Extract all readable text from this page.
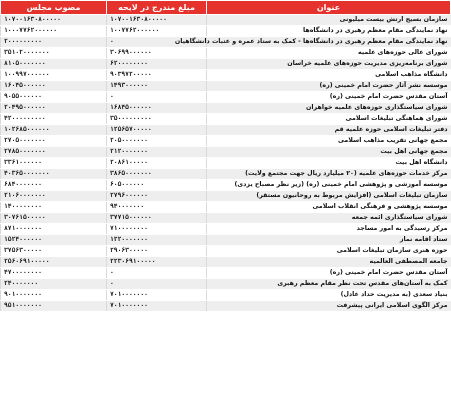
عنوان	مبلغ مندرج در لایحه	مصوب مجلس
سازمان بسیج ارتش بیست میلیونی	۱۰۷۰۰۱۶۳۰۸۰۰۰۰۰	۱۰۷۰۰۱۶۳۰۸۰۰۰۰۰
نهاد نمایندگی مقام معظم رهبری در دانشگاه‌ها	۱۰۰۷۷۶۲۰۰۰۰۰۰	۱۰۰۰۷۷۶۲۰۰۰۰۰۰
نهاد نمایندگی مقام معظم رهبری در دانشگاه‌ها - کمک به ستاد عمره و عتبات دانشگاهیان	۰	۲۰۰۰۰۰۰۰۰۰
شورای عالی حوزه‌های علمیه	۳۰۶۹۹۰۰۰۰۰۰	۳۵۱۰۲۰۰۰۰۰۰۰
شورای برنامه‌ریزی مدیریت حوزه‌های علمیه خراسان	۶۲۰۰۰۰۰۰۰۰	۸۱۰۵۰۰۰۰۰۰۰
دانشگاه مذاهب اسلامی	۹۰۳۹۷۲۰۰۰۰۰	۱۰۰۹۹۷۰۰۰۰۰۰
موسسه نشر آثار حضرت امام خمینی (ره)	۱۴۹۳۰۰۰۰۰۰	۱۶۰۴۵۰۰۰۰۰۰
آستان مقدس حضرت امام خمینی (ره)	۰	۹۰۵۵۰۰۰۰۰۰
شورای سیاستگذاری حوزه‌های علمیه خواهران	۱۶۸۴۵۰۰۰۰۰۰	۲۰۴۹۵۰۰۰۰۰۰
شورای هماهنگی تبلیغات اسلامی	۳۵۰۰۰۰۰۰۰۰۰	۴۲۰۰۰۰۰۰۰۰۰
دفتر تبلیغات اسلامی حوزه علمیه قم	۱۲۵۶۵۷۰۰۰۰۰	۱۰۲۶۸۵۰۰۰۰۰۰
مجمع جهانی تقریب مذاهب اسلامی	۲۰۵۰۰۰۰۰۰۰	۲۷۰۵۰۰۰۰۰۰۰
مجمع جهانی اهل بیت	۲۱۲۰۰۰۰۰۰۰	۲۷۸۵۰۰۰۰۰۰۰
دانشگاه اهل بیت	۲۰۸۶۱۰۰۰۰۰	۳۳۶۱۰۰۰۰۰۰
مرکز خدمات حوزه‌های علمیه (۲۰ میلیارد ریال جهت مجتمع ولایت)	۳۸۶۵۰۰۰۰۰۰۰	۴۰۳۶۵۰۰۰۰۰۰۰
موسسه آموزشی و پژوهشی امام خمینی (ره) (زیر نظر مصباح یزدی)	۶۰۵۰۰۰۰۰۰	۶۸۴۰۰۰۰۰۰۰
سازمان تبلیغات اسلامی (افزایش مربوط به روحانیون مستقر)	۲۷۹۶۰۰۰۰۰۰	۲۱۰۶۰۰۰۰۰۰۰
موسسه پژوهشی و فرهنگی انقلاب اسلامی	۹۴۰۰۰۰۰۰۰	۱۴۰۰۰۰۰۰۰۰
شورای سیاستگذاری ائمه جمعه	۳۷۷۱۵۰۰۰۰۰۰	۳۰۷۶۱۵۰۰۰۰۰
مرکز رسیدگی به امور مساجد	۷۱۰۰۰۰۰۰۰۰	۸۷۱۰۰۰۰۰۰۰
ستاد اقامه نماز	۱۲۲۰۰۰۰۰۰۰	۱۵۲۴۰۰۰۰۰۰
حوزه هنری سازمان تبلیغات اسلامی	۲۹۰۶۳۰۰۰۰۰	۳۷۵۶۳۰۰۰۰۰
جامعه المصطفی العالمیه	۲۲۳۰۶۹۱۰۰۰۰۰	۲۵۶۰۶۹۱۰۰۰۰۰
آستان مقدس حضرت امام خمینی (ره)	۰	۴۷۰۰۰۰۰۰۰۰
کمک به آستان‌های مقدس تحت نظر مقام معظم رهبری	۰	۲۴۰۰۰۰۰۰۰
بنیاد سعدی (به مدیریت حداد عادل)	۷۰۱۰۰۰۰۰۰۰	۹۰۱۰۰۰۰۰۰۰
مرکز الگوی اسلامی ایرانی پیشرفت	۷۰۱۰۰۰۰۰۰۰	۹۵۱۰۰۰۰۰۰۰
